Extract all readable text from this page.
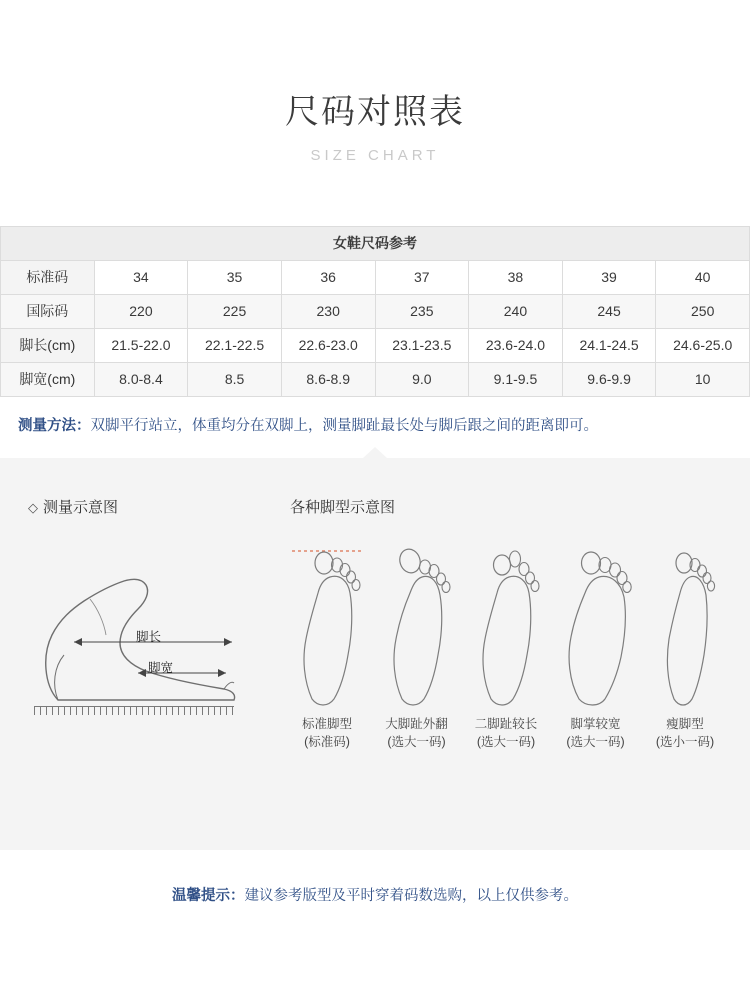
尺码对照表
SIZE CHART
女鞋尺码参考							
标准码	34	35	36	37	38	39	40
国际码	220	225	230	235	240	245	250
脚长(cm)	21.5-22.0	22.1-22.5	22.6-23.0	23.1-23.5	23.6-24.0	24.1-24.5	24.6-25.0
脚宽(cm)	8.0-8.4	8.5	8.6-8.9	9.0	9.1-9.5	9.6-9.9	10
测量方法：双脚平行站立，体重均分在双脚上，测量脚趾最长处与脚后跟之间的距离即可。
◇ 测量示意图
脚长
脚宽
各种脚型示意图
标准脚型
(标准码)
大脚趾外翻
(选大一码)
二脚趾较长
(选大一码)
脚掌较宽
(选大一码)
瘦脚型
(选小一码)
温馨提示：建议参考版型及平时穿着码数选购，以上仅供参考。
